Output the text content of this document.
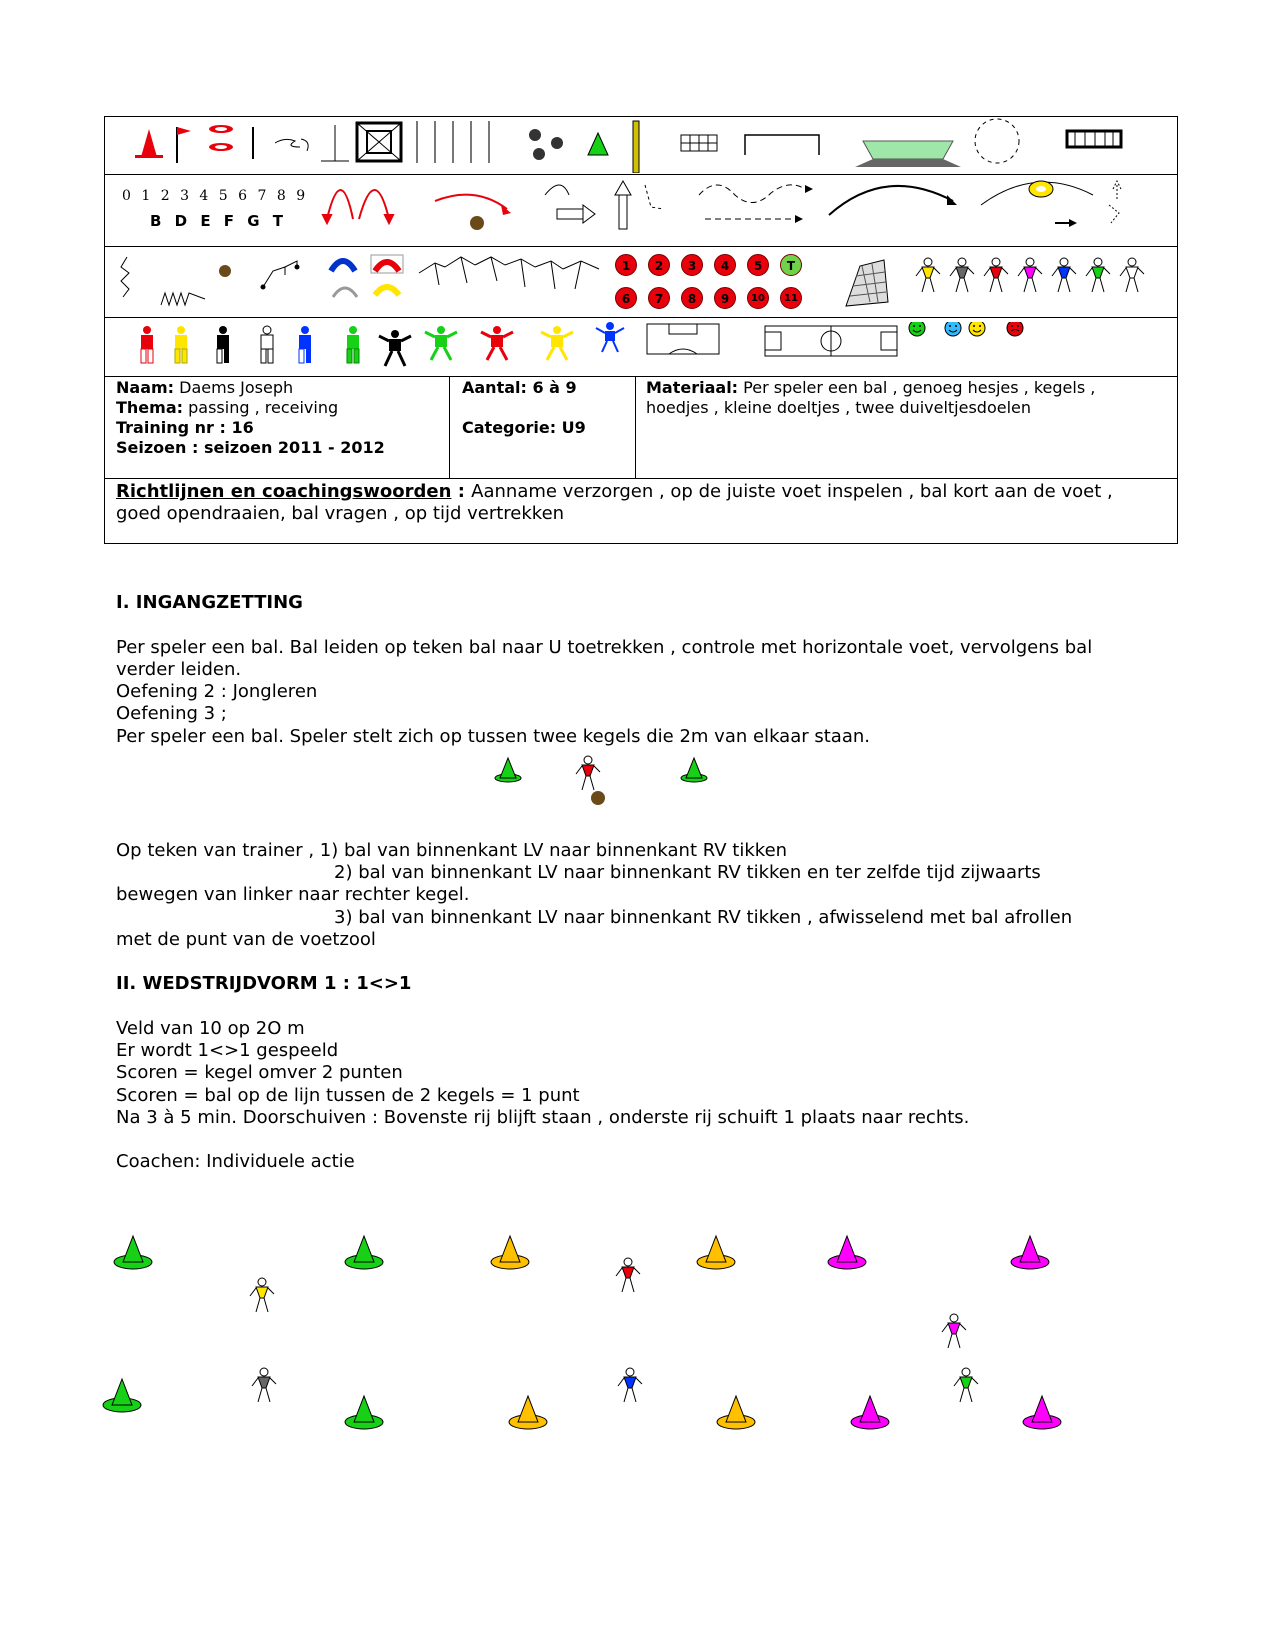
0 1 2 3 4 5 6 7 8 9
B D E F G T
1	2	3	4	5	T
6	7	8	9	10	11
Naam: Daems Joseph
Thema: passing , receiving
Training nr : 16
Seizoen : seizoen 2011 - 2012
Aantal: 6 à 9

Categorie: U9
Materiaal: Per speler een bal , genoeg hesjes , kegels ,
hoedjes , kleine doeltjes , twee duiveltjesdoelen
Richtlijnen en coachingswoorden : Aanname verzorgen , op de juiste voet inspelen , bal kort aan de voet ,
goed opendraaien, bal vragen , op tijd vertrekken
I. INGANGZETTING
Per speler een bal. Bal leiden op teken bal naar U toetrekken , controle met horizontale voet, vervolgens bal
verder leiden.
Oefening 2 : Jongleren
Oefening 3 ;
Per speler een bal. Speler stelt zich op tussen twee kegels die 2m van elkaar staan.
Op teken van trainer , 1) bal van binnenkant LV naar binnenkant RV tikken
2) bal van binnenkant LV naar binnenkant RV tikken en ter zelfde tijd zijwaarts
bewegen van linker naar rechter kegel.
3) bal van binnenkant LV naar binnenkant RV tikken , afwisselend met bal afrollen
met de punt van de voetzool
II. WEDSTRIJDVORM 1 : 1<>1
Veld van 10 op 2O m
Er wordt 1<>1 gespeeld
Scoren = kegel omver 2 punten
Scoren = bal op de lijn tussen de 2 kegels = 1 punt
Na 3 à 5 min. Doorschuiven : Bovenste rij blijft staan , onderste rij schuift 1 plaats naar rechts.
Coachen: Individuele actie
